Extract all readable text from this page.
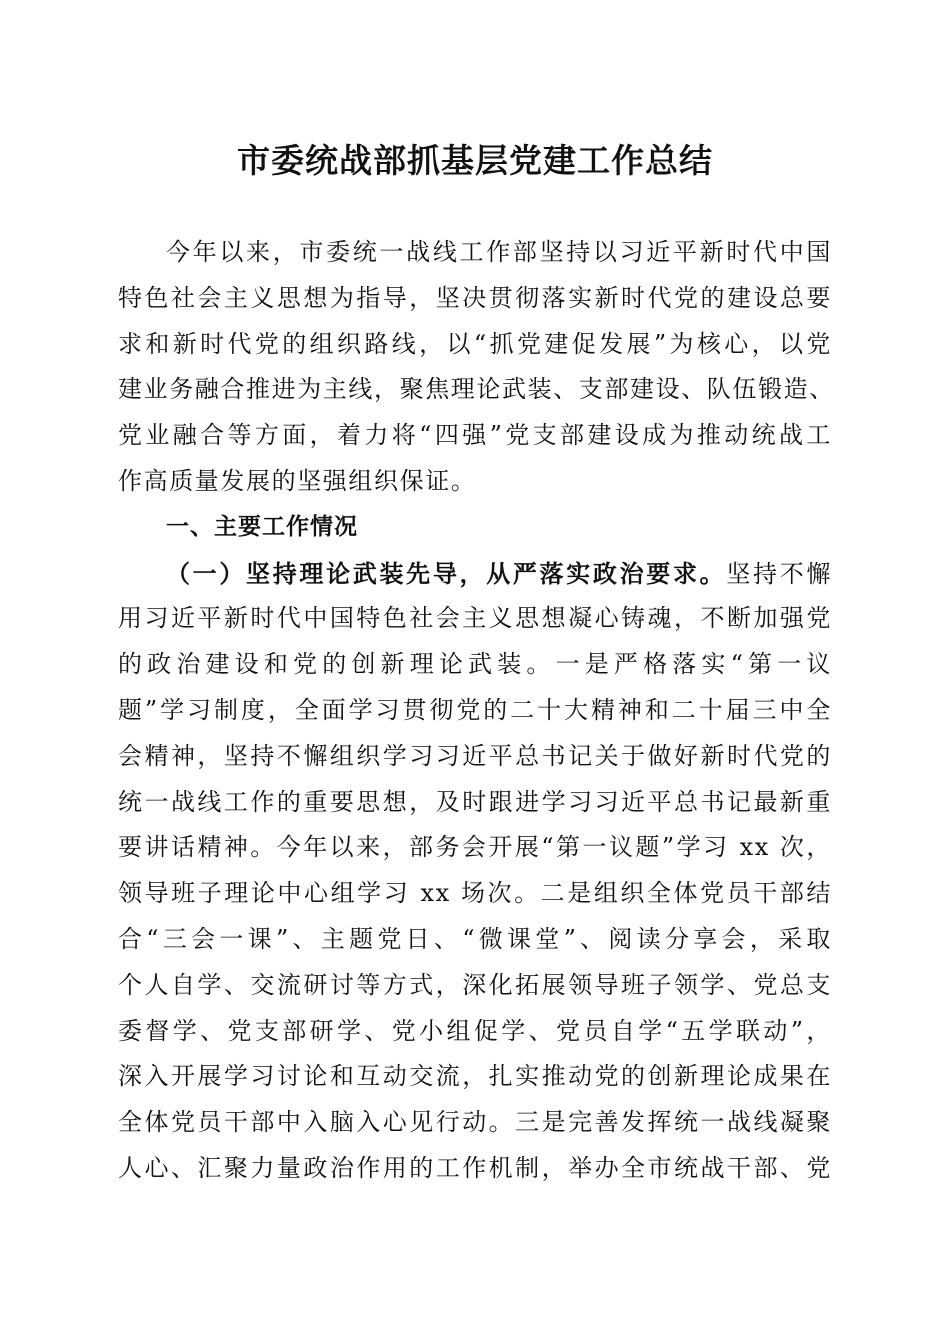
市委统战部抓基层党建工作总结
今年以来，市委统一战线工作部坚持以习近平新时代中国
特色社会主义思想为指导，坚决贯彻落实新时代党的建设总要
求和新时代党的组织路线，以“抓党建促发展”为核心，以党
建业务融合推进为主线，聚焦理论武装、支部建设、队伍锻造、
党业融合等方面，着力将“四强”党支部建设成为推动统战工
作高质量发展的坚强组织保证。
一、主要工作情况
（一）坚持理论武装先导，从严落实政治要求。坚持不懈
用习近平新时代中国特色社会主义思想凝心铸魂，不断加强党
的政治建设和党的创新理论武装。一是严格落实“第一议
题”学习制度，全面学习贯彻党的二十大精神和二十届三中全
会精神，坚持不懈组织学习习近平总书记关于做好新时代党的
统一战线工作的重要思想，及时跟进学习习近平总书记最新重
要讲话精神。今年以来，部务会开展“第一议题”学习 xx 次，
领导班子理论中心组学习 xx 场次。二是组织全体党员干部结
合“三会一课”、主题党日、“微课堂”、阅读分享会，采取
个人自学、交流研讨等方式，深化拓展领导班子领学、党总支
委督学、党支部研学、党小组促学、党员自学“五学联动”，
深入开展学习讨论和互动交流，扎实推动党的创新理论成果在
全体党员干部中入脑入心见行动。三是完善发挥统一战线凝聚
人心、汇聚力量政治作用的工作机制，举办全市统战干部、党
